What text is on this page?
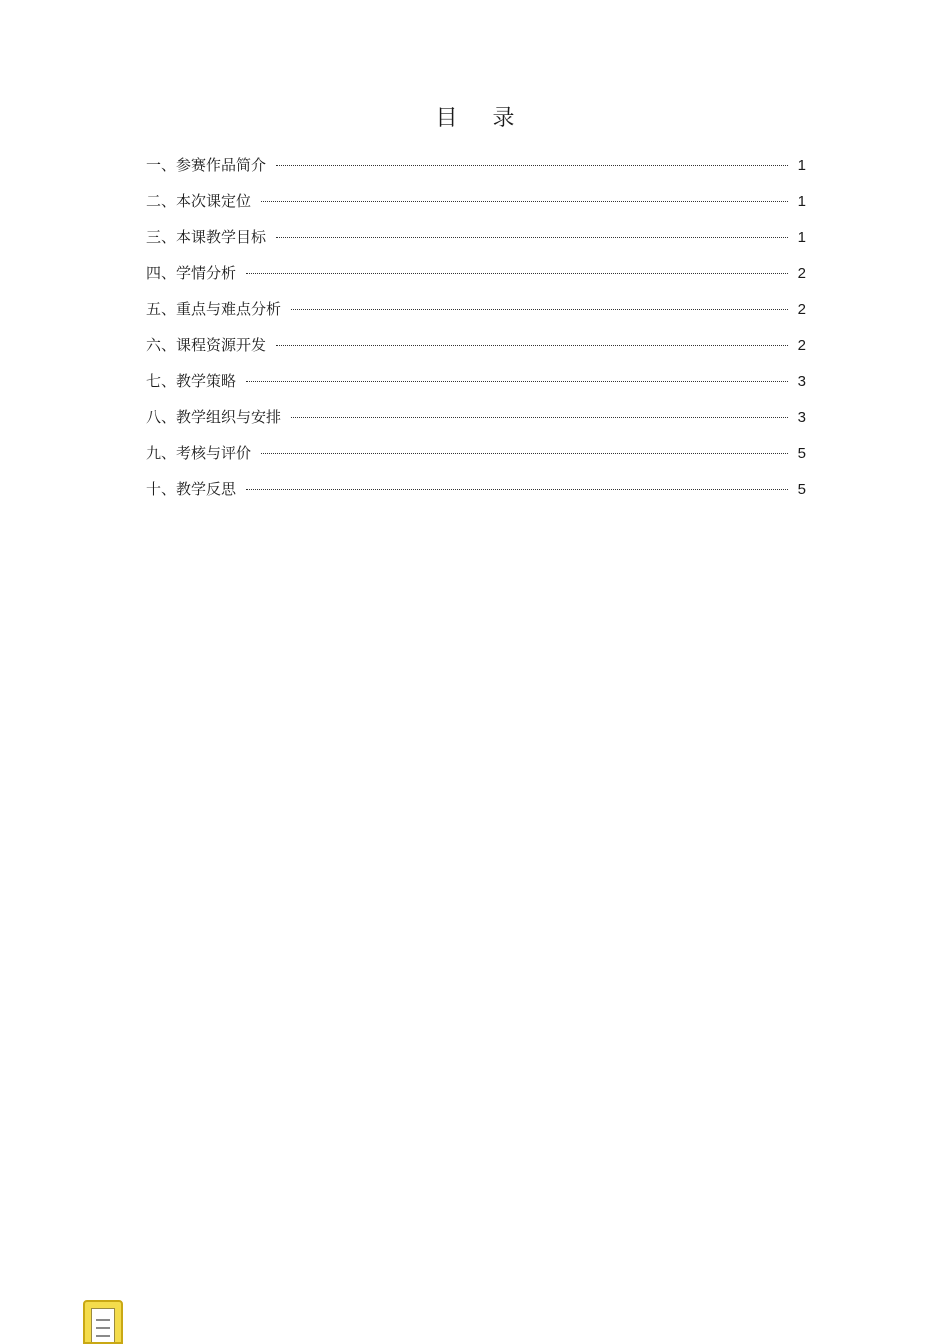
目 录
一、参赛作品简介	1
二、本次课定位	1
三、本课教学目标	1
四、学情分析	2
五、重点与难点分析	2
六、课程资源开发	2
七、教学策略	3
八、教学组织与安排	3
九、考核与评价	5
十、教学反思	5
